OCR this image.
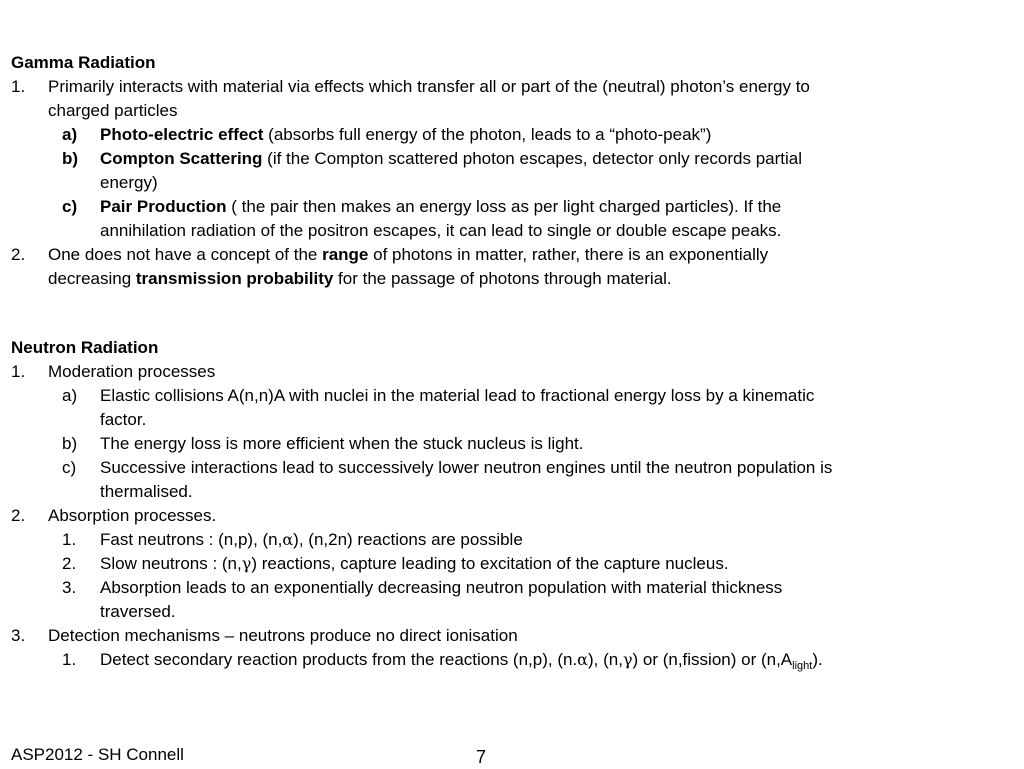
Gamma Radiation
1. Primarily interacts with material via effects which transfer all or part of the (neutral) photon’s energy to
charged particles
a) Photo-electric effect (absorbs full energy of the photon, leads to a “photo-peak”)
b) Compton Scattering (if the Compton scattered photon escapes, detector only records partial
energy)
c) Pair Production ( the pair then makes an energy loss as per light charged particles). If the
annihilation radiation of the positron escapes, it can lead to single or double escape peaks.
2. One does not have a concept of the range of photons in matter, rather, there is an exponentially
decreasing transmission probability for the passage of photons through material.
Neutron Radiation
1. Moderation processes
a) Elastic collisions A(n,n)A with nuclei in the material lead to fractional energy loss by a kinematic
factor.
b) The energy loss is more efficient when the stuck nucleus is light.
c) Successive interactions lead to successively lower neutron engines until the neutron population is
thermalised.
2. Absorption processes.
1. Fast neutrons : (n,p), (n,α), (n,2n) reactions are possible
2. Slow neutrons : (n,γ) reactions, capture leading to excitation of the capture nucleus.
3. Absorption leads to an exponentially decreasing neutron population with material thickness
traversed.
3. Detection mechanisms – neutrons produce no direct ionisation
1. Detect secondary reaction products from the reactions (n,p), (n.α), (n,γ) or (n,fission) or $(n,A_{light})$.
ASP2012 - SH Connell	7
